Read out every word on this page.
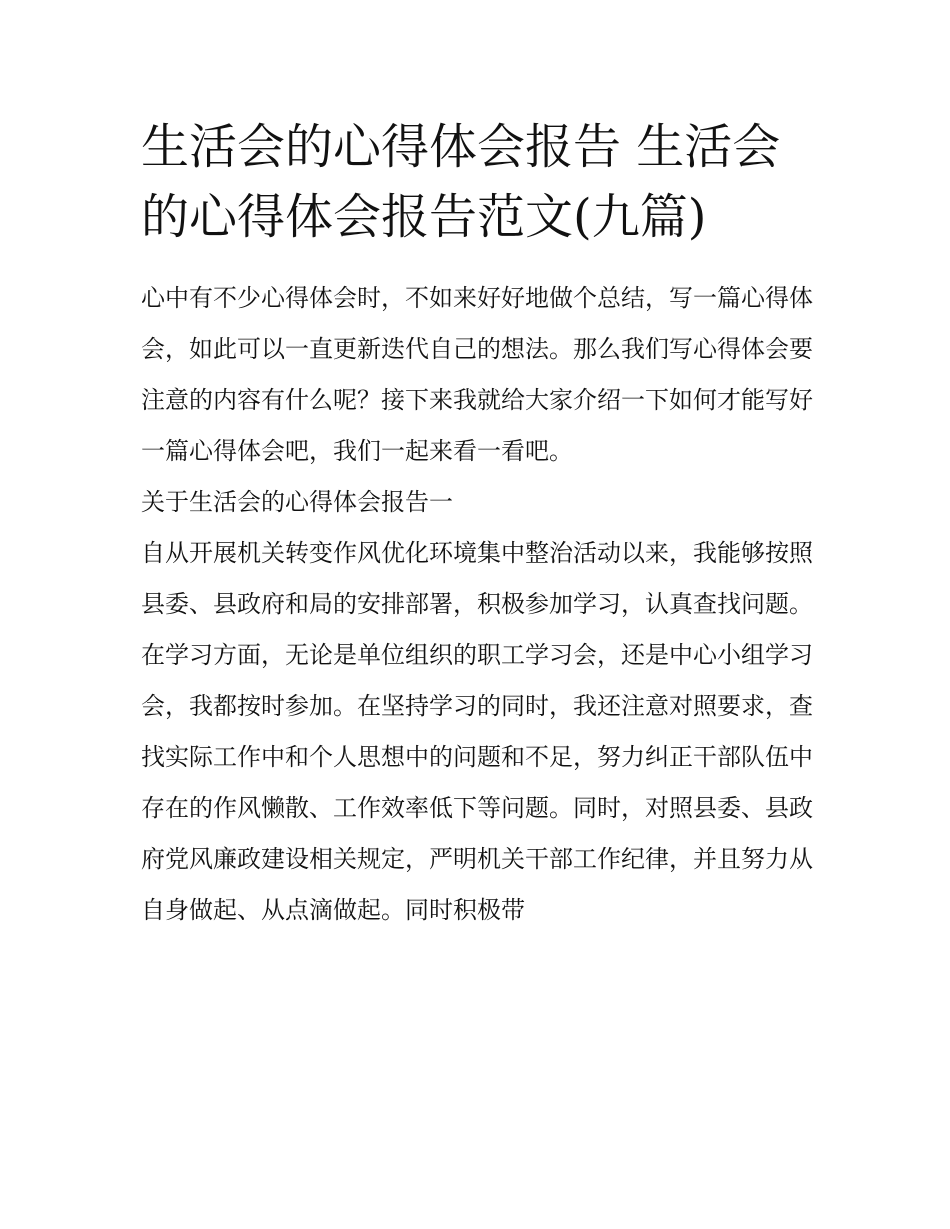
生活会的心得体会报告 生活会的心得体会报告范文(九篇)

心中有不少心得体会时，不如来好好地做个总结，写一篇心得体会，如此可以一直更新迭代自己的想法。那么我们写心得体会要注意的内容有什么呢？接下来我就给大家介绍一下如何才能写好一篇心得体会吧，我们一起来看一看吧。

关于生活会的心得体会报告一

自从开展机关转变作风优化环境集中整治活动以来，我能够按照县委、县政府和局的安排部署，积极参加学习，认真查找问题。在学习方面，无论是单位组织的职工学习会，还是中心小组学习会，我都按时参加。在坚持学习的同时，我还注意对照要求，查找实际工作中和个人思想中的问题和不足，努力纠正干部队伍中存在的作风懒散、工作效率低下等问题。同时，对照县委、县政府党风廉政建设相关规定，严明机关干部工作纪律，并且努力从自身做起、从点滴做起。同时积极带
